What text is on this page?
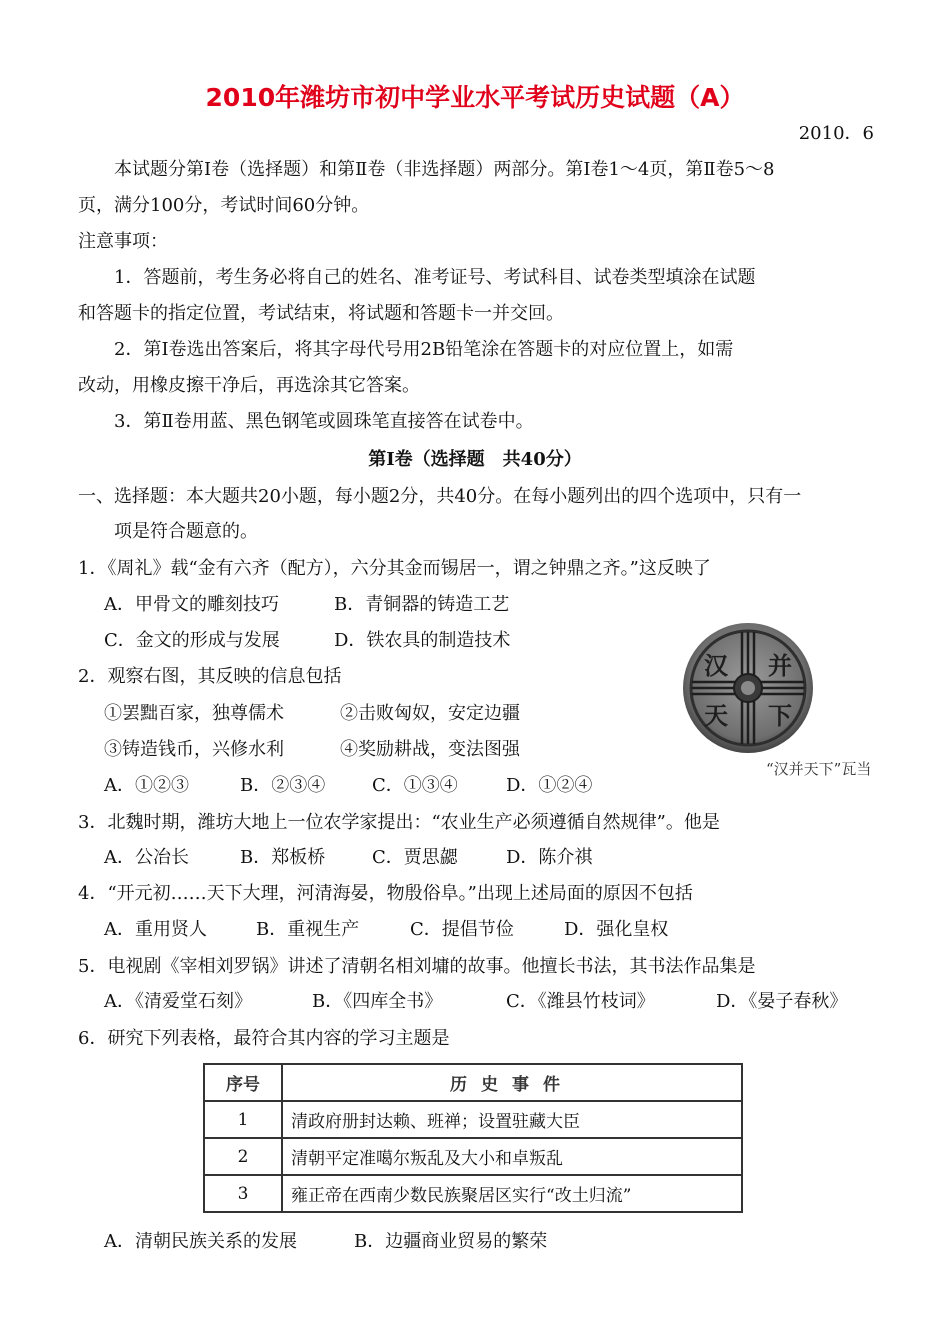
2010年潍坊市初中学业水平考试历史试题（A）
2010．6
本试题分第Ⅰ卷（选择题）和第Ⅱ卷（非选择题）两部分。第Ⅰ卷1～4页，第Ⅱ卷5～8
页，满分100分，考试时间60分钟。
注意事项：
1．答题前，考生务必将自己的姓名、准考证号、考试科目、试卷类型填涂在试题
和答题卡的指定位置，考试结束，将试题和答题卡一并交回。
2．第Ⅰ卷选出答案后，将其字母代号用2B铅笔涂在答题卡的对应位置上，如需
改动，用橡皮擦干净后，再选涂其它答案。
3．第Ⅱ卷用蓝、黑色钢笔或圆珠笔直接答在试卷中。
第Ⅰ卷（选择题　共40分）
一、选择题：本大题共20小题，每小题2分，共40分。在每小题列出的四个选项中，只有一
项是符合题意的。
1．《周礼》载“金有六齐（配方），六分其金而锡居一，谓之钟鼎之齐。”这反映了
A．甲骨文的雕刻技巧	B．青铜器的铸造工艺
C．金文的形成与发展	D．铁农具的制造技术
2．观察右图，其反映的信息包括
①罢黜百家，独尊儒术	②击败匈奴，安定边疆
③铸造钱币，兴修水利	④奖励耕战，变法图强
A．①②③	B．②③④	C．①③④	D．①②④
汉 并
天 下
“汉并天下”瓦当
3．北魏时期，潍坊大地上一位农学家提出：“农业生产必须遵循自然规律”。他是
A．公冶长	B．郑板桥	C．贾思勰	D．陈介祺
4．“开元初……天下大理，河清海晏，物殷俗阜。”出现上述局面的原因不包括
A．重用贤人	B．重视生产	C．提倡节俭	D．强化皇权
5．电视剧《宰相刘罗锅》讲述了清朝名相刘墉的故事。他擅长书法，其书法作品集是
A．《清爱堂石刻》	B．《四库全书》	C．《潍县竹枝词》	D．《晏子春秋》
6．研究下列表格，最符合其内容的学习主题是
序号	历史事件
1	清政府册封达赖、班禅；设置驻藏大臣
2	清朝平定准噶尔叛乱及大小和卓叛乱
3	雍正帝在西南少数民族聚居区实行“改土归流”
A．清朝民族关系的发展	B．边疆商业贸易的繁荣
